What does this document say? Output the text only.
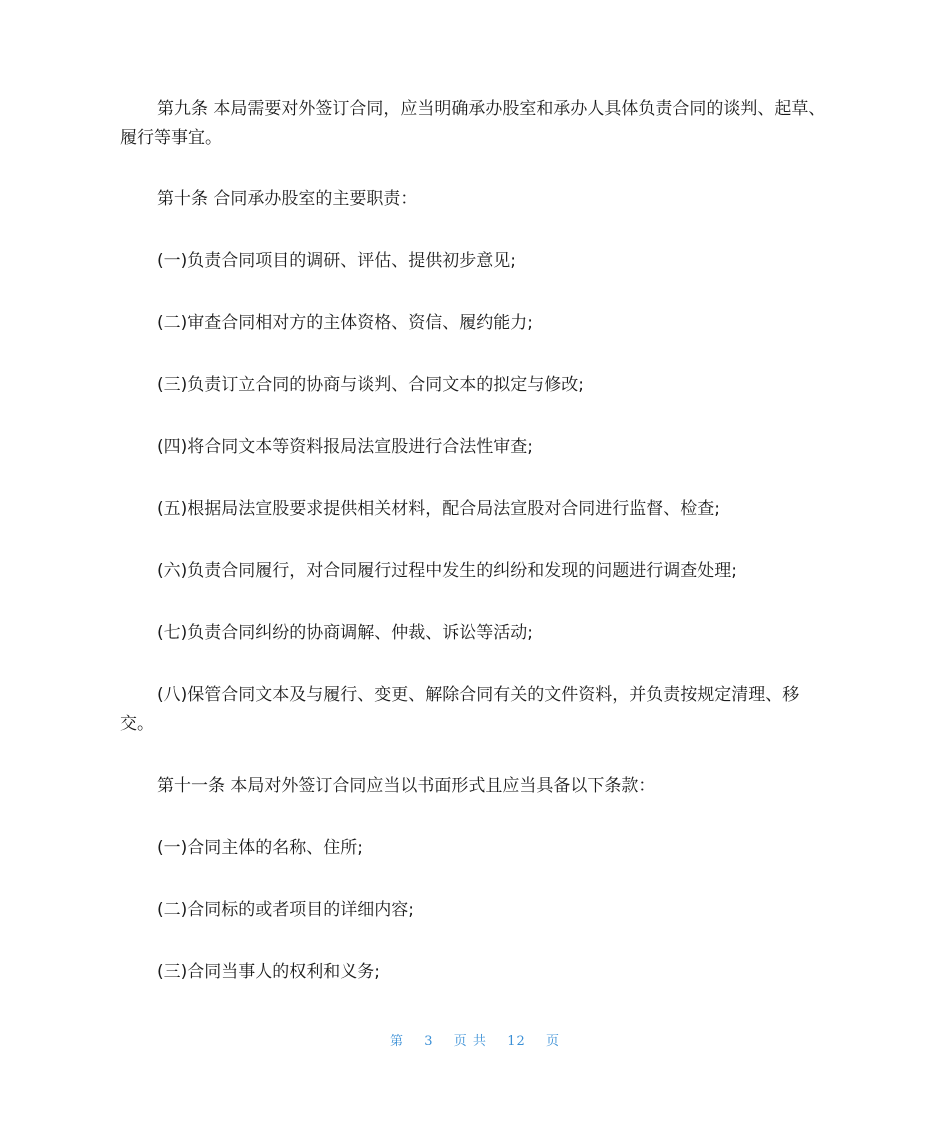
第九条 本局需要对外签订合同，应当明确承办股室和承办人具体负责合同的谈判、起草、履行等事宜。

第十条 合同承办股室的主要职责：

(一)负责合同项目的调研、评估、提供初步意见;

(二)审查合同相对方的主体资格、资信、履约能力;

(三)负责订立合同的协商与谈判、合同文本的拟定与修改;

(四)将合同文本等资料报局法宣股进行合法性审查;

(五)根据局法宣股要求提供相关材料，配合局法宣股对合同进行监督、检查;

(六)负责合同履行，对合同履行过程中发生的纠纷和发现的问题进行调查处理;

(七)负责合同纠纷的协商调解、仲裁、诉讼等活动;

(八)保管合同文本及与履行、变更、解除合同有关的文件资料，并负责按规定清理、移交。

第十一条 本局对外签订合同应当以书面形式且应当具备以下条款：

(一)合同主体的名称、住所;

(二)合同标的或者项目的详细内容;

(三)合同当事人的权利和义务;

第 3 页 共 12 页
